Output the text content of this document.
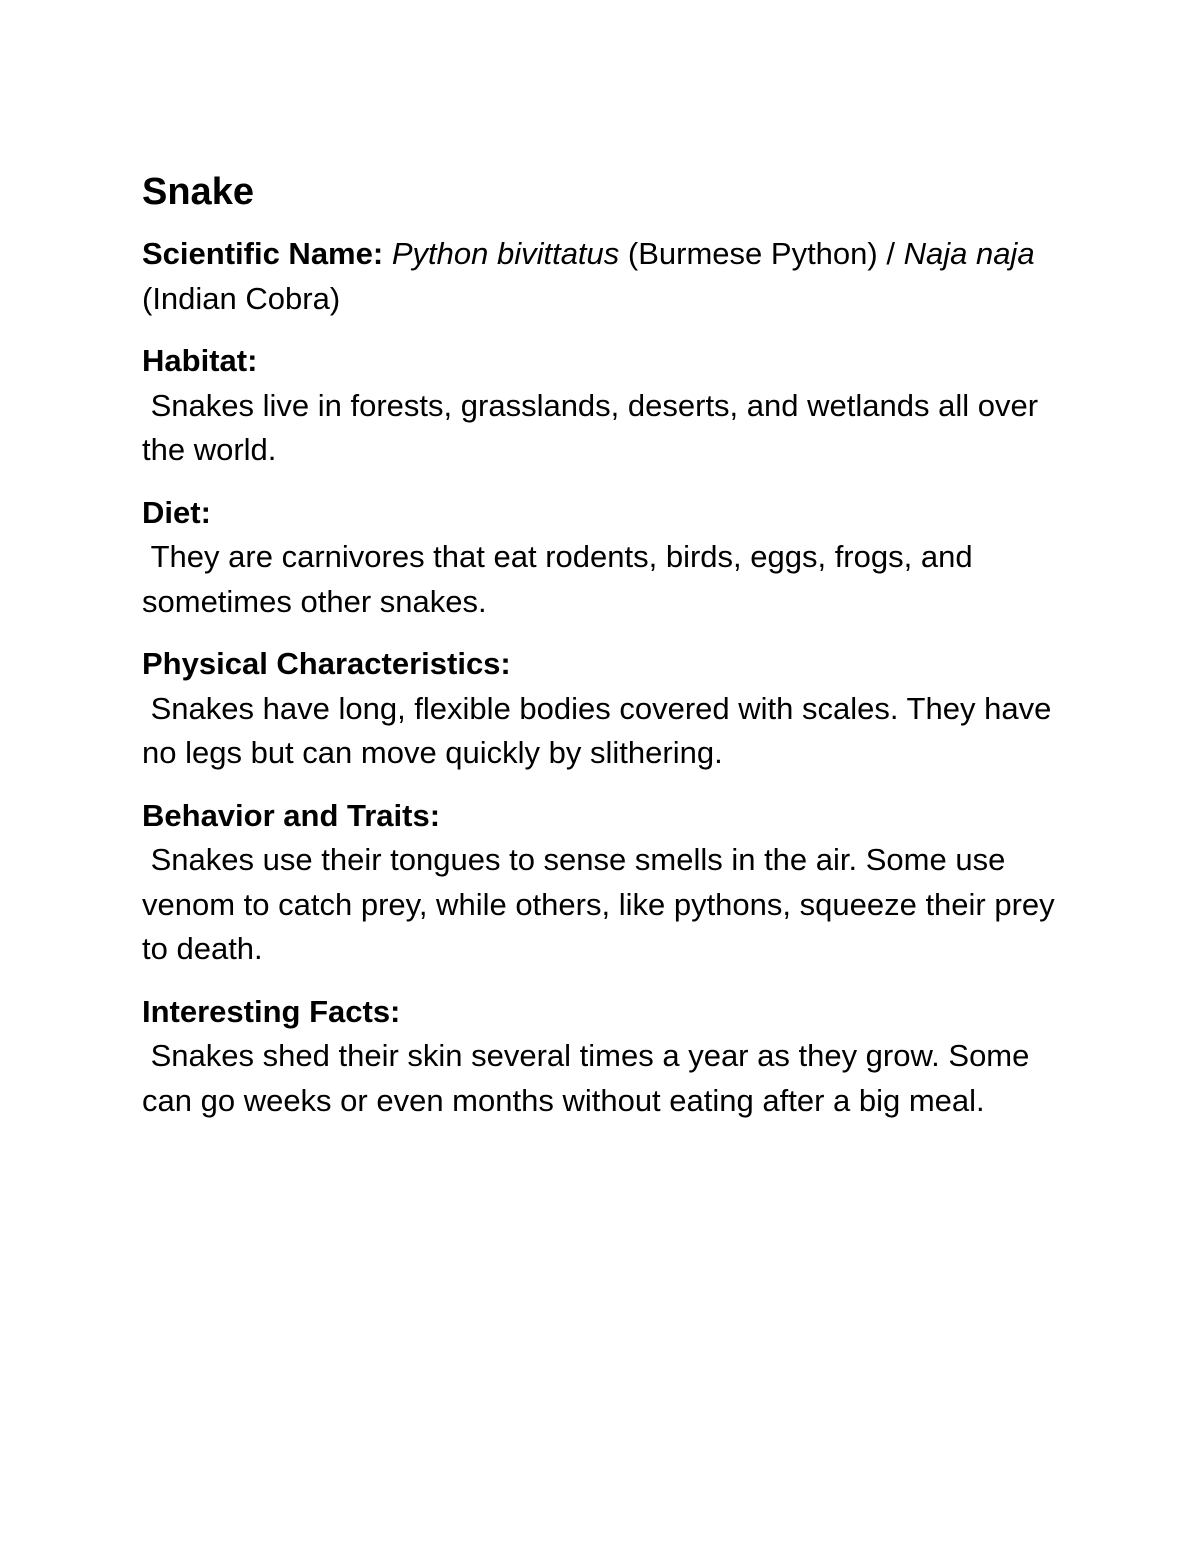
Snake

Scientific Name: Python bivittatus (Burmese Python) / Naja naja (Indian Cobra)

Habitat:

Snakes live in forests, grasslands, deserts, and wetlands all over the world.

Diet:

They are carnivores that eat rodents, birds, eggs, frogs, and sometimes other snakes.

Physical Characteristics:

Snakes have long, flexible bodies covered with scales. They have no legs but can move quickly by slithering.

Behavior and Traits:

Snakes use their tongues to sense smells in the air. Some use venom to catch prey, while others, like pythons, squeeze their prey to death.

Interesting Facts:

Snakes shed their skin several times a year as they grow. Some can go weeks or even months without eating after a big meal.
